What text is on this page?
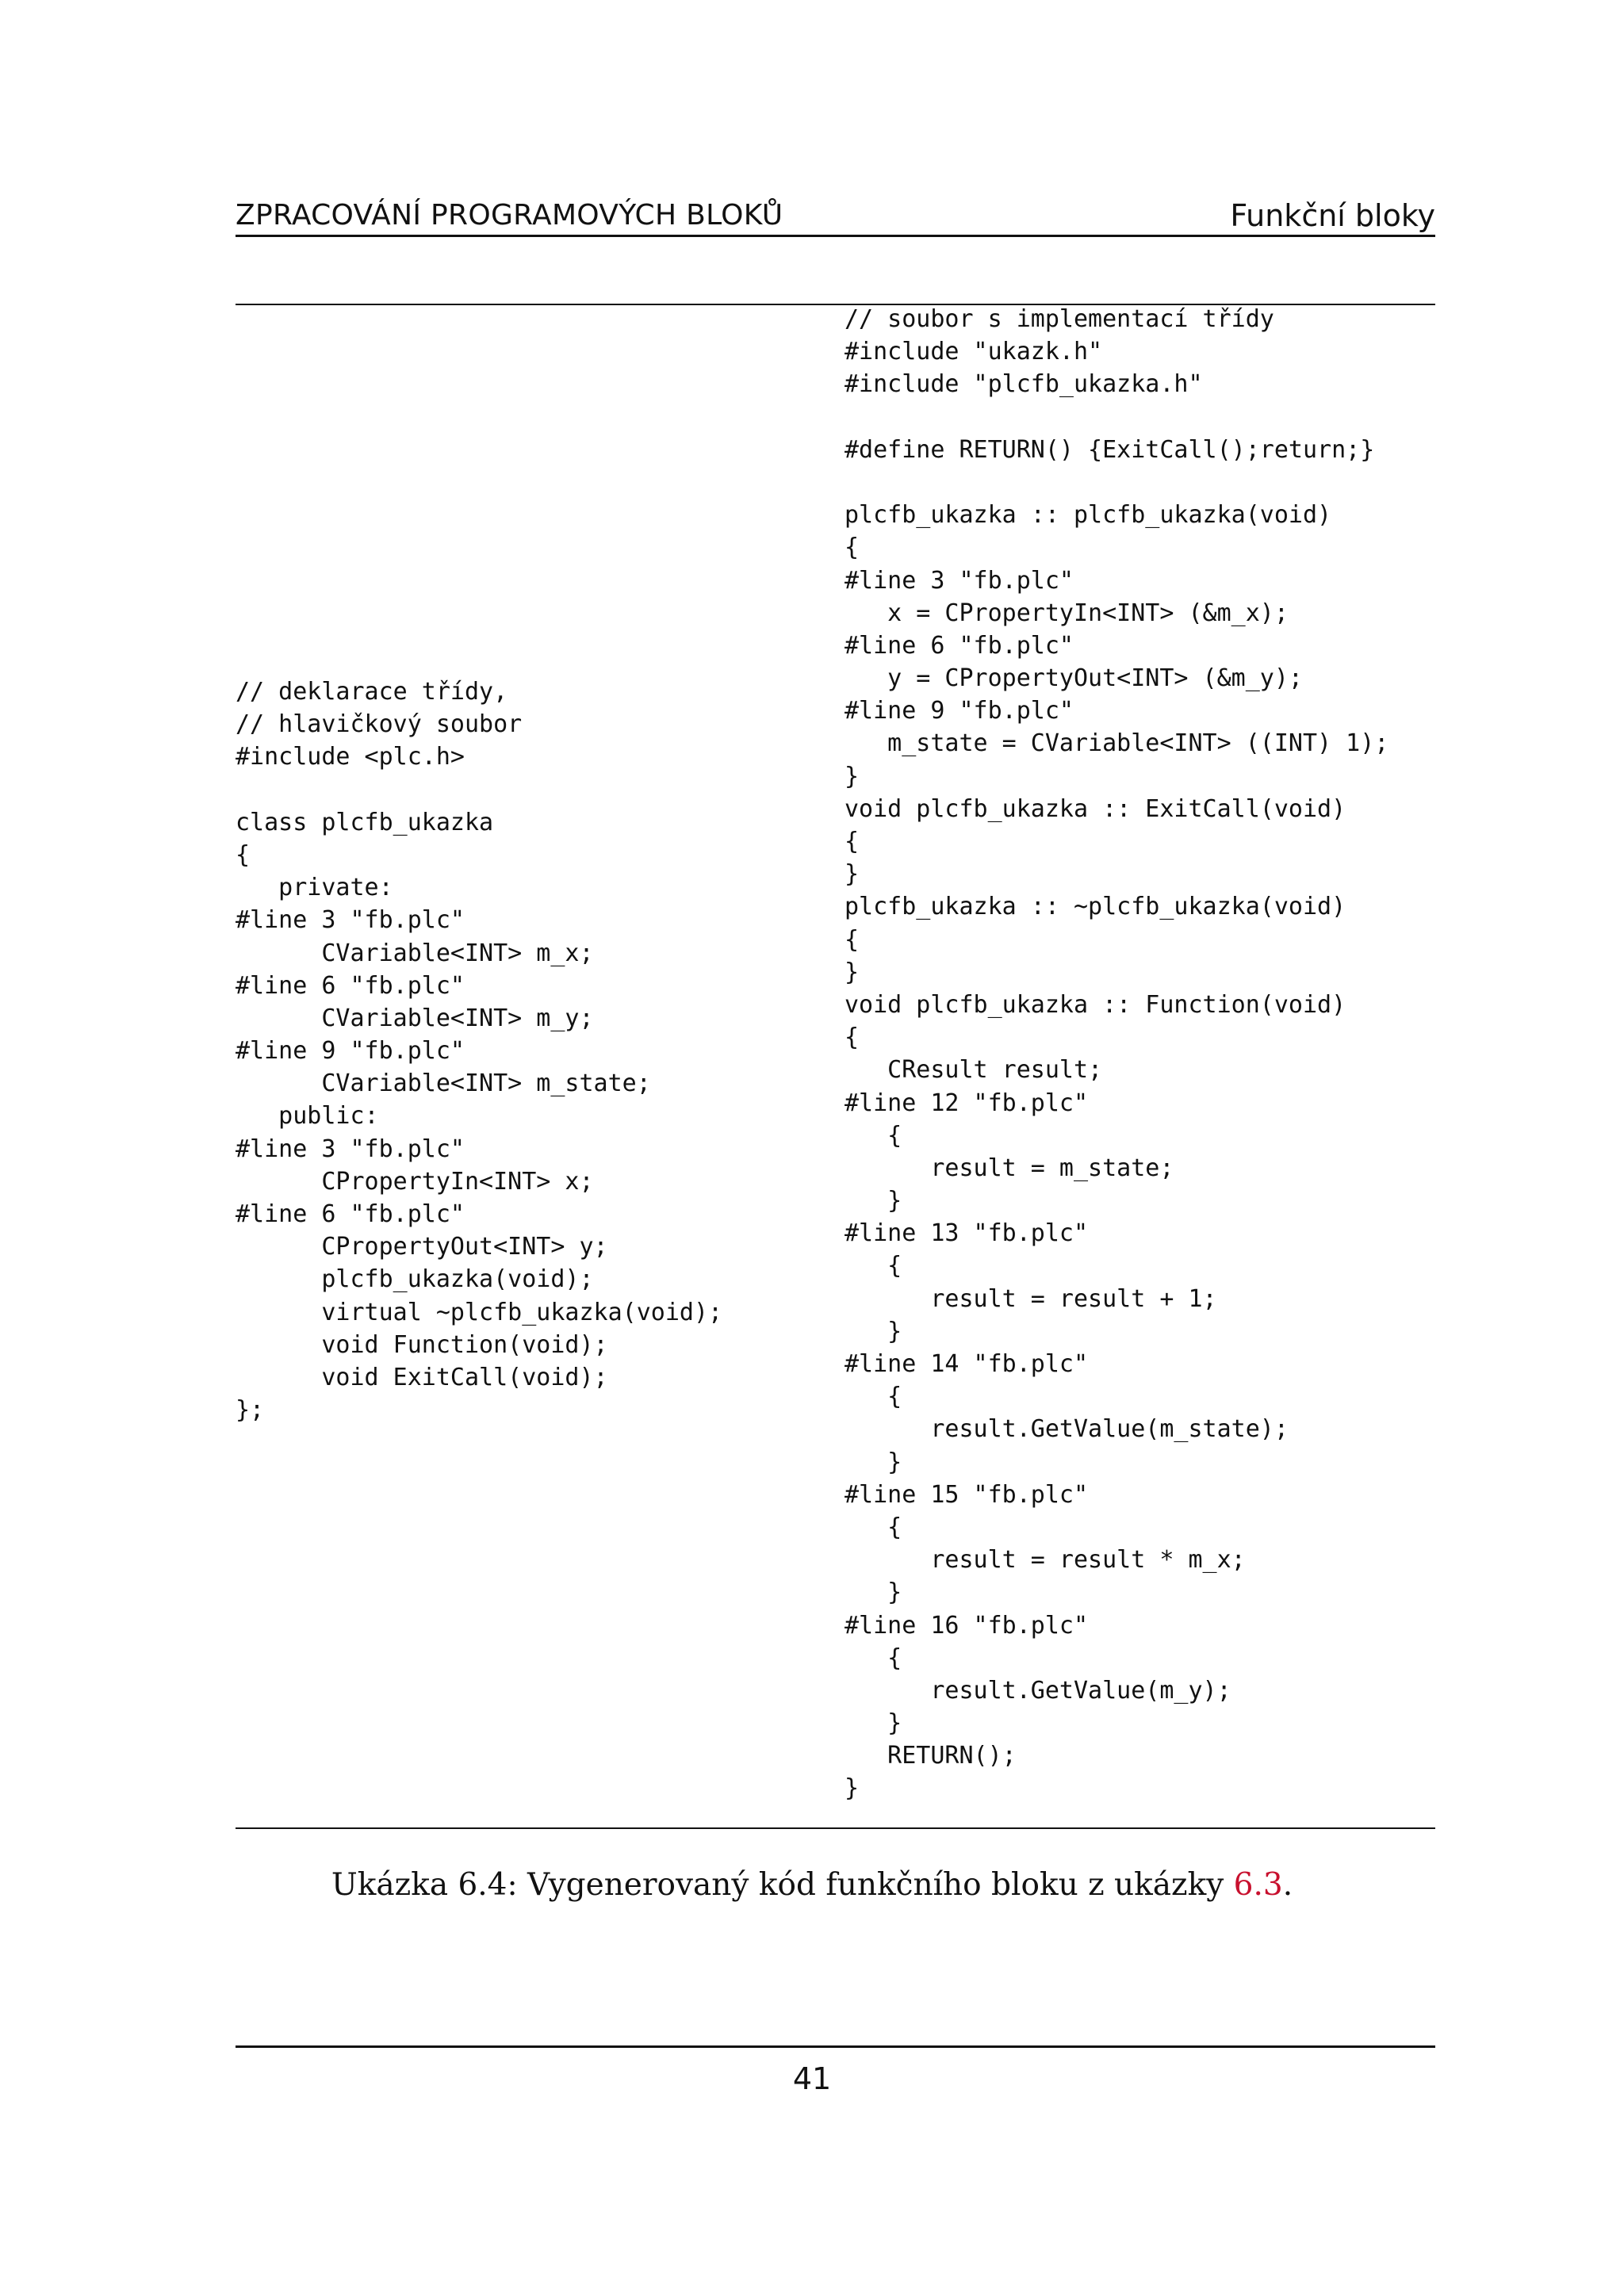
ZPRACOVÁNÍ PROGRAMOVÝCH BLOKŮ	Funkční bloky
// deklarace třídy,
// hlavičkový soubor
#include <plc.h>

class plcfb_ukazka
{
private:
#line 3 "fb.plc"
CVariable<INT> m_x;
#line 6 "fb.plc"
CVariable<INT> m_y;
#line 9 "fb.plc"
CVariable<INT> m_state;
public:
#line 3 "fb.plc"
CPropertyIn<INT> x;
#line 6 "fb.plc"
CPropertyOut<INT> y;
plcfb_ukazka(void);
virtual ~plcfb_ukazka(void);
void Function(void);
void ExitCall(void);
};
// soubor s implementací třídy
#include "ukazk.h"
#include "plcfb_ukazka.h"

#define RETURN() {ExitCall();return;}

plcfb_ukazka :: plcfb_ukazka(void)
{
#line 3 "fb.plc"
x = CPropertyIn<INT> (&m_x);
#line 6 "fb.plc"
y = CPropertyOut<INT> (&m_y);
#line 9 "fb.plc"
m_state = CVariable<INT> ((INT) 1);
}
void plcfb_ukazka :: ExitCall(void)
{
}
plcfb_ukazka :: ~plcfb_ukazka(void)
{
}
void plcfb_ukazka :: Function(void)
{
CResult result;
#line 12 "fb.plc"
{
result = m_state;
}
#line 13 "fb.plc"
{
result = result + 1;
}
#line 14 "fb.plc"
{
result.GetValue(m_state);
}
#line 15 "fb.plc"
{
result = result * m_x;
}
#line 16 "fb.plc"
{
result.GetValue(m_y);
}
RETURN();
}
Ukázka 6.4: Vygenerovaný kód funkčního bloku z ukázky 6.3.
41
